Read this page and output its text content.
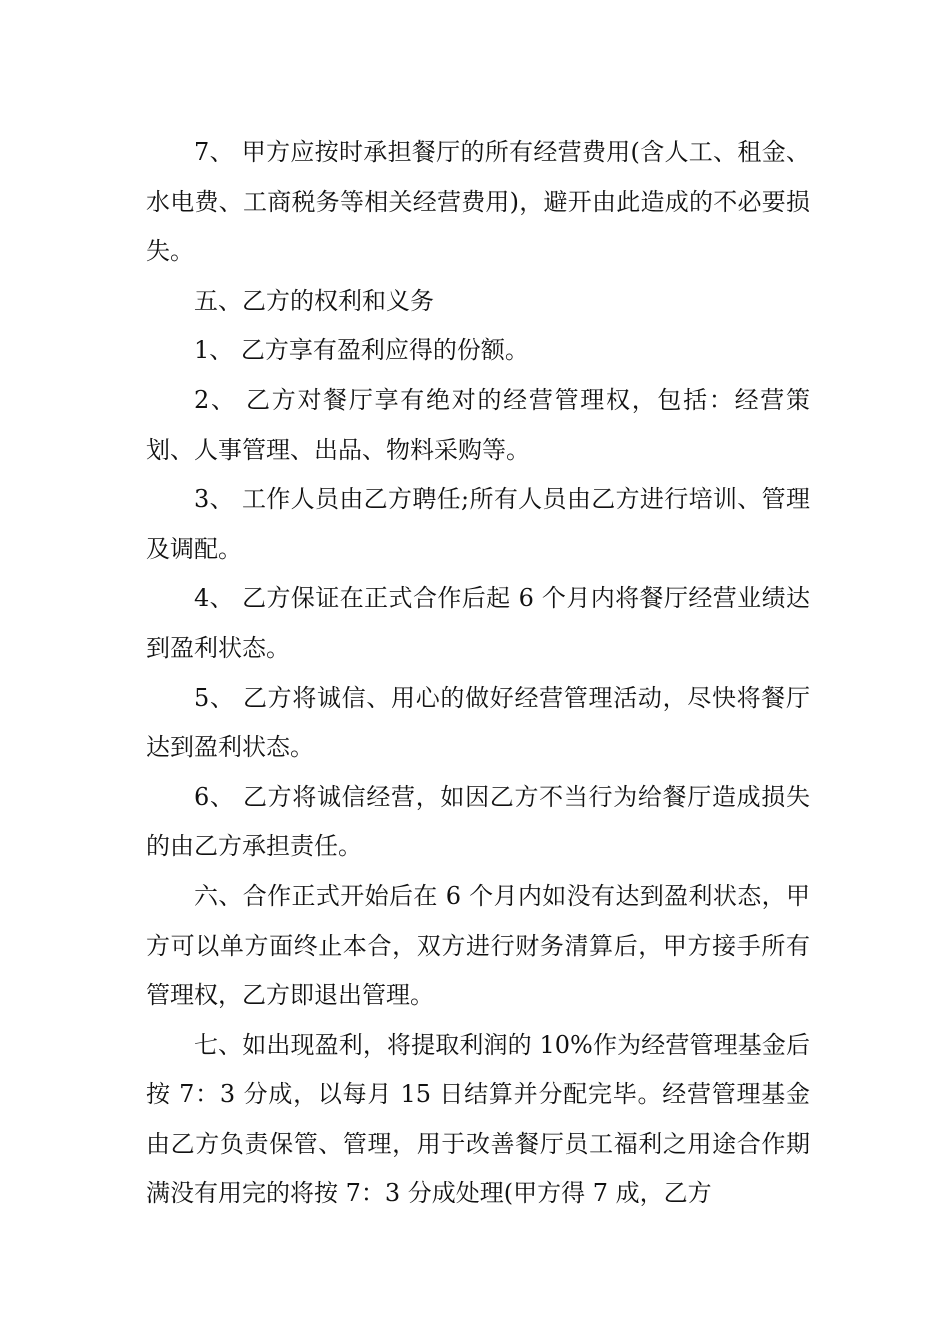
7、 甲方应按时承担餐厅的所有经营费用(含人工、租金、水电费、工商税务等相关经营费用)，避开由此造成的不必要损失。

五、乙方的权利和义务

1、 乙方享有盈利应得的份额。

2、 乙方对餐厅享有绝对的经营管理权，包括：经营策划、人事管理、出品、物料采购等。

3、 工作人员由乙方聘任;所有人员由乙方进行培训、管理及调配。

4、 乙方保证在正式合作后起 6 个月内将餐厅经营业绩达到盈利状态。

5、 乙方将诚信、用心的做好经营管理活动，尽快将餐厅达到盈利状态。

6、 乙方将诚信经营，如因乙方不当行为给餐厅造成损失的由乙方承担责任。

六、合作正式开始后在 6 个月内如没有达到盈利状态，甲方可以单方面终止本合，双方进行财务清算后，甲方接手所有管理权，乙方即退出管理。

七、如出现盈利，将提取利润的 10%作为经营管理基金后按 7：3 分成，以每月 15 日结算并分配完毕。经营管理基金由乙方负责保管、管理，用于改善餐厅员工福利之用途合作期满没有用完的将按 7：3 分成处理(甲方得 7 成，乙方
